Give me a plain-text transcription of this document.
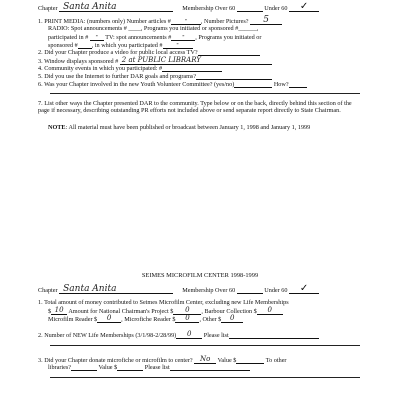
Chapter Santa Anita	Membership Over 60	Under 60 ✓
1. PRINT MEDIA: (numbers only) Number articles # - , Number Pictures? 5
RADIO: Spot announcements # ____, Programs you initiated or sponsored #______,
participated in # - TV: spot announcements # - , Programs you initiated or
sponsored # , in which you participated # -
2. Did your Chapter produce a video for public local access TV?
3. Window displays sponsored # 2 at PUBLIC LIBRARY
4. Community events in which you participated: #
5. Did you use the Internet to further DAR goals and programs?
6. Was your Chapter involved in the new Youth Volunteer Committee? (yes/no)	How?
7. List other ways the Chapter presented DAR to the community. Type below or on the back, directly behind this section of the page if necessary, describing outstanding PR efforts not included above or send separate report directly to State Chairman.
NOTE: All material must have been published or broadcast between January 1, 1998 and January 1, 1999
SEIMES MICROFILM CENTER 1998-1999
Chapter Santa Anita	Membership Over 60	Under 60 ✓
1. Total amount of money contributed to Seimes Microfilm Center, excluding new Life Memberships
$ 10 Amount for National Chairman's Project $ 0 , Barbour Collection $ 0
Microfilm Reader $ 0 , Microfiche Reader $ 0 , Other $ 0
2. Number of NEW Life Memberships (3/1/98-2/28/99) 0 Please list
3. Did your Chapter donate microfiche or microfilm to center? No Value $	To other
libraries?	Value $	Please list
